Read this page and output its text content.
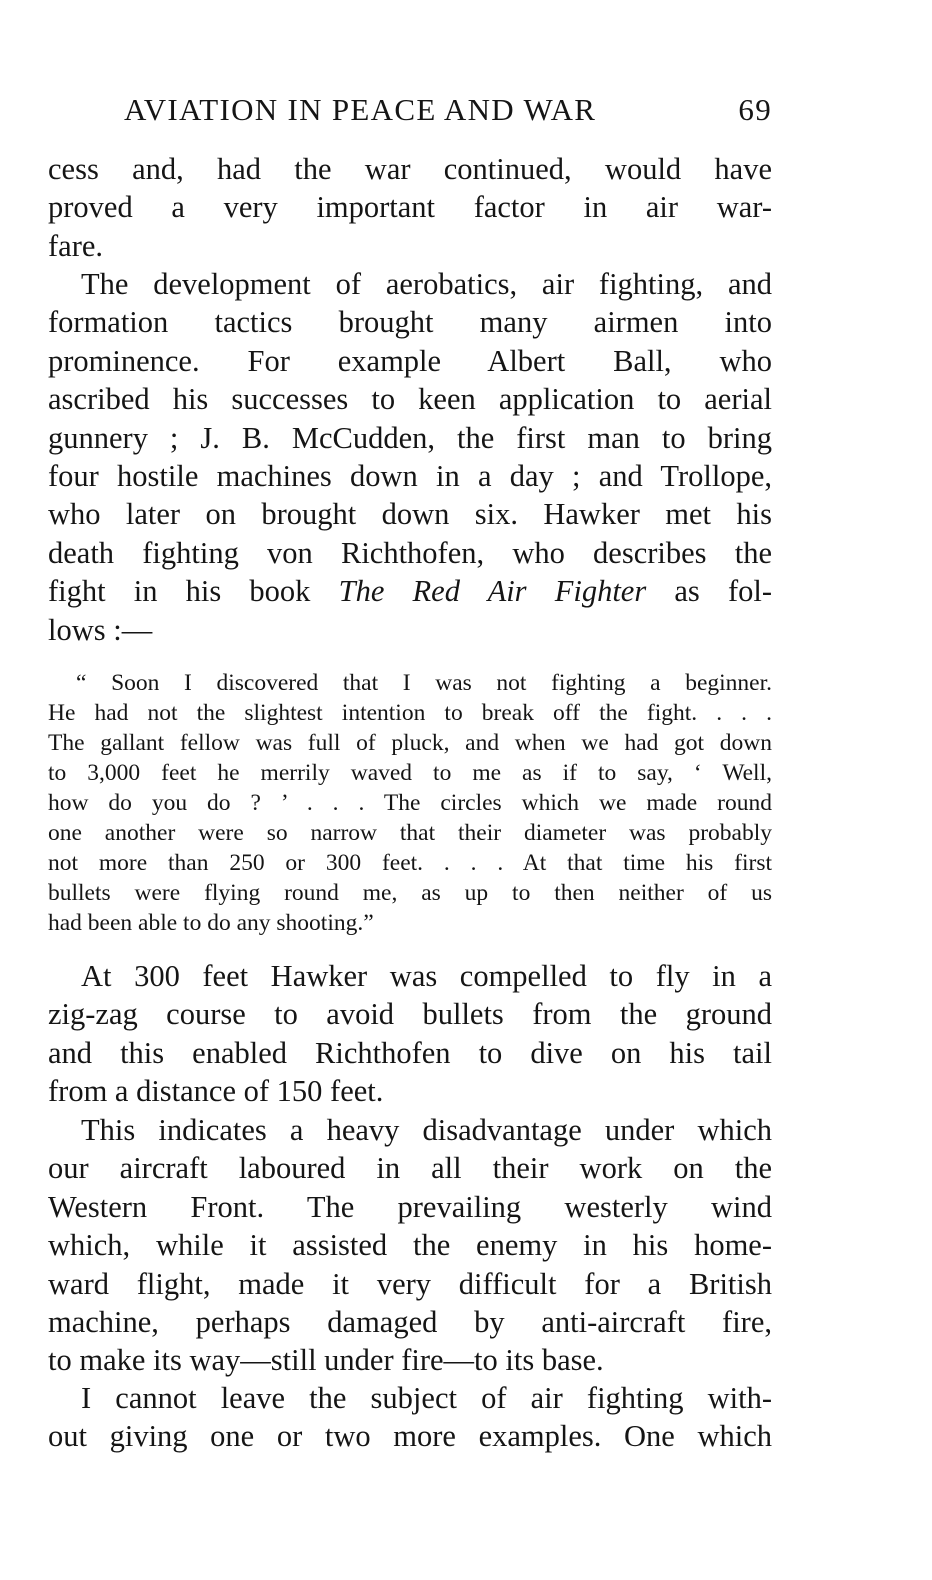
AVIATION IN PEACE AND WAR	69
cess and, had the war continued, would have
proved a very important factor in air war-
fare.
The development of aerobatics, air fighting, and
formation tactics brought many airmen into
prominence. For example Albert Ball, who
ascribed his successes to keen application to aerial
gunnery ; J. B. McCudden, the first man to bring
four hostile machines down in a day ; and Trollope,
who later on brought down six. Hawker met his
death fighting von Richthofen, who describes the
fight in his book The Red Air Fighter as fol-
lows :—
“ Soon I discovered that I was not fighting a beginner.
He had not the slightest intention to break off the fight. . . .
The gallant fellow was full of pluck, and when we had got down
to 3,000 feet he merrily waved to me as if to say, ‘ Well,
how do you do ? ’ . . . The circles which we made round
one another were so narrow that their diameter was probably
not more than 250 or 300 feet. . . . At that time his first
bullets were flying round me, as up to then neither of us
had been able to do any shooting.”
At 300 feet Hawker was compelled to fly in a
zig-zag course to avoid bullets from the ground
and this enabled Richthofen to dive on his tail
from a distance of 150 feet.
This indicates a heavy disadvantage under which
our aircraft laboured in all their work on the
Western Front. The prevailing westerly wind
which, while it assisted the enemy in his home-
ward flight, made it very difficult for a British
machine, perhaps damaged by anti-aircraft fire,
to make its way—still under fire—to its base.
I cannot leave the subject of air fighting with-
out giving one or two more examples. One which
